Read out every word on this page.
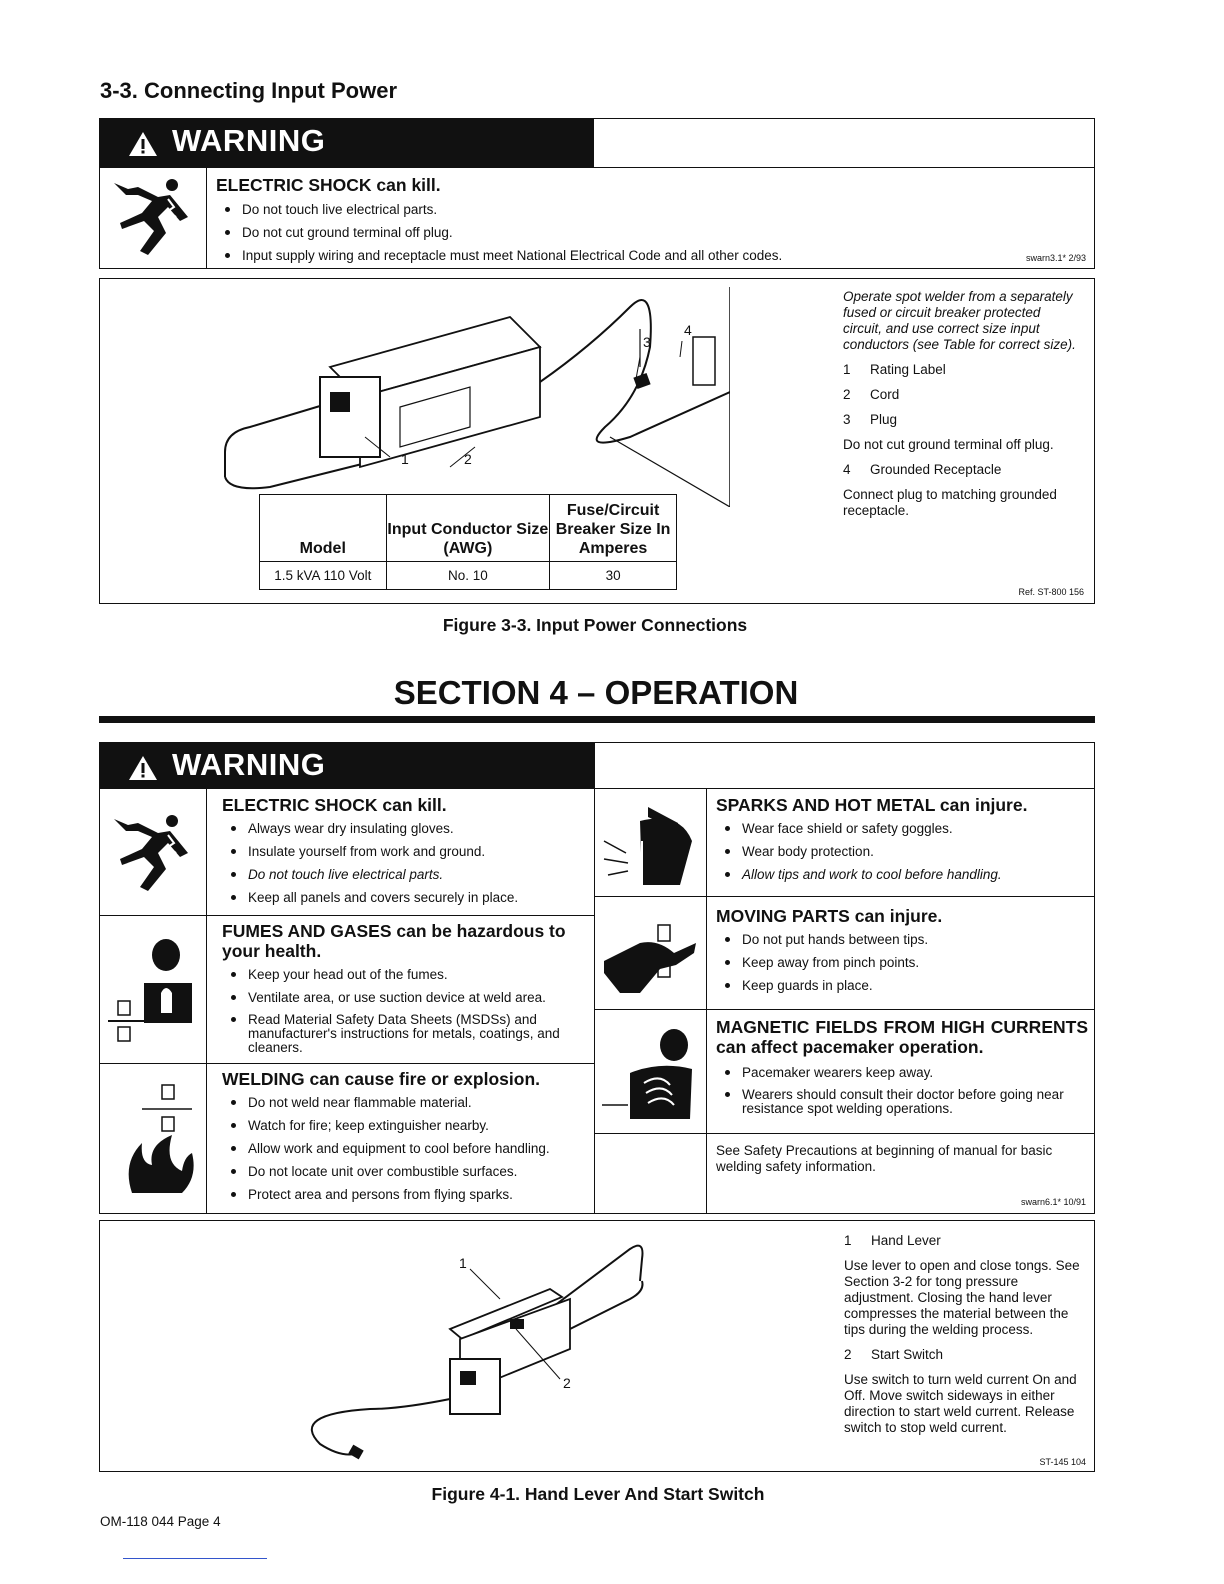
3-3. Connecting Input Power
WARNING
ELECTRIC SHOCK can kill.
Do not touch live electrical parts.
Do not cut ground terminal off plug.
Input supply wiring and receptacle must meet National Electrical Code and all other codes.	swarn3.1* 2/93
1	2
3
4
Model	Input Conductor Size (AWG)	Fuse/Circuit Breaker Size In Amperes
1.5 kVA 110 Volt	No. 10	30

Operate spot welder from a separately fused or circuit breaker protected circuit, and use correct size input conductors (see Table for correct size).

1 Rating Label

2 Cord

3 Plug

Do not cut ground terminal off plug.

4 Grounded Receptacle

Connect plug to matching grounded receptacle.

Ref. ST-800 156
Figure 3-3. Input Power Connections
SECTION 4 – OPERATION
WARNING
ELECTRIC SHOCK can kill.
Always wear dry insulating gloves.
Insulate yourself from work and ground.
Do not touch live electrical parts.
Keep all panels and covers securely in place.
FUMES AND GASES can be hazardous to your health.
Keep your head out of the fumes.
Ventilate area, or use suction device at weld area.
Read Material Safety Data Sheets (MSDSs) and manufacturer's instructions for metals, coatings, and cleaners.
WELDING can cause fire or explosion.
Do not weld near flammable material.
Watch for fire; keep extinguisher nearby.
Allow work and equipment to cool before handling.
Do not locate unit over combustible surfaces.
Protect area and persons from flying sparks.
SPARKS AND HOT METAL can injure.
Wear face shield or safety goggles.
Wear body protection.
Allow tips and work to cool before handling.
MOVING PARTS can injure.
Do not put hands between tips.
Keep away from pinch points.
Keep guards in place.
MAGNETIC FIELDS FROM HIGH CURRENTS can affect pacemaker operation.
Pacemaker wearers keep away.
Wearers should consult their doctor before going near resistance spot welding operations.
See Safety Precautions at beginning of manual for basic welding safety information.
swarn6.1* 10/91
1
2

1 Hand Lever

Use lever to open and close tongs. See Section 3-2 for tong pressure adjustment. Closing the hand lever compresses the material between the tips during the welding process.

2 Start Switch

Use switch to turn weld current On and Off. Move switch sideways in either direction to start weld current. Release switch to stop weld current.

ST-145 104
Figure 4-1. Hand Lever And Start Switch
OM-118 044 Page 4
